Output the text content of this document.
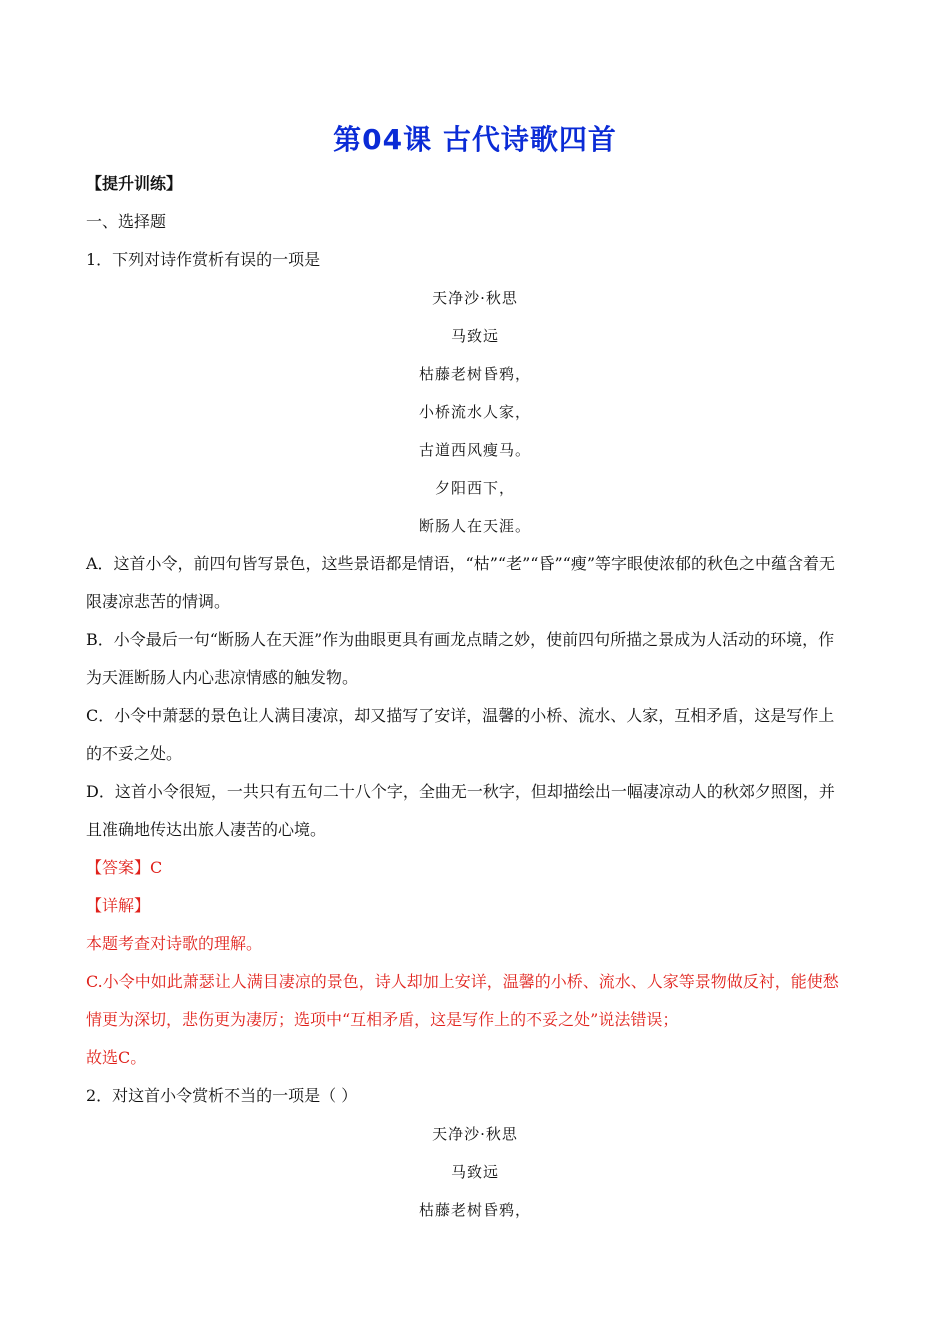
第04课 古代诗歌四首
【提升训练】
一、选择题
1．下列对诗作赏析有误的一项是
天净沙·秋思
马致远
枯藤老树昏鸦，
小桥流水人家，
古道西风瘦马。
夕阳西下，
断肠人在天涯。
A．这首小令，前四句皆写景色，这些景语都是情语，“枯”“老”“昏”“瘦”等字眼使浓郁的秋色之中蕴含着无
限凄凉悲苦的情调。
B．小令最后一句“断肠人在天涯”作为曲眼更具有画龙点睛之妙，使前四句所描之景成为人活动的环境，作
为天涯断肠人内心悲凉情感的触发物。
C．小令中萧瑟的景色让人满目凄凉，却又描写了安详，温馨的小桥、流水、人家，互相矛盾，这是写作上
的不妥之处。
D．这首小令很短，一共只有五句二十八个字，全曲无一秋字，但却描绘出一幅凄凉动人的秋郊夕照图，并
且准确地传达出旅人凄苦的心境。
【答案】C
【详解】
本题考查对诗歌的理解。
C.小令中如此萧瑟让人满目凄凉的景色，诗人却加上安详，温馨的小桥、流水、人家等景物做反衬，能使愁
情更为深切，悲伤更为凄厉；选项中“互相矛盾，这是写作上的不妥之处”说法错误；
故选C。
2．对这首小令赏析不当的一项是（ ）
天净沙·秋思
马致远
枯藤老树昏鸦，
